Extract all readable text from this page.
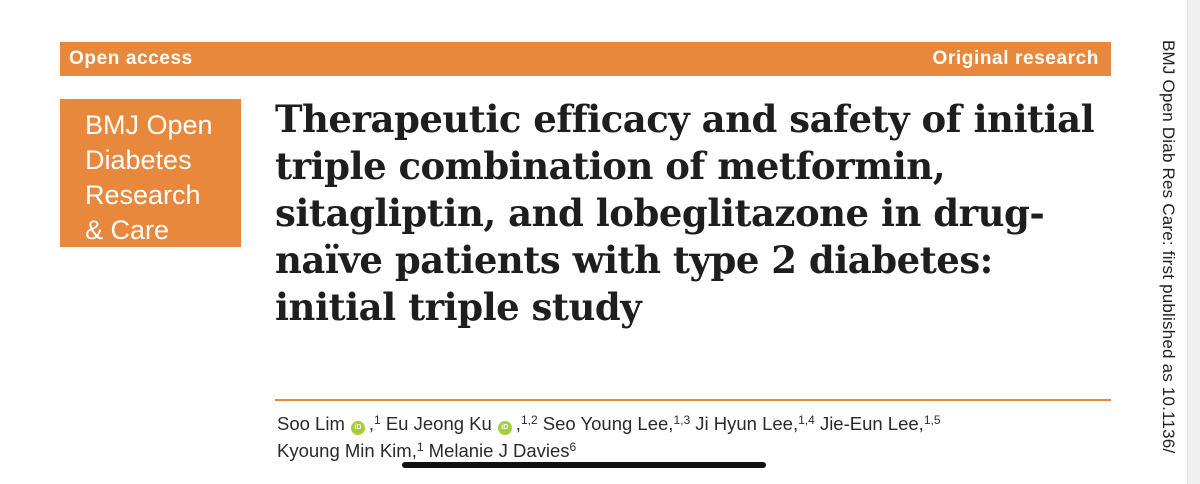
Open access	Original research
BMJ Open
Diabetes
Research
& Care
Therapeutic efficacy and safety of initial
triple combination of metformin,
sitagliptin, and lobeglitazone in drug-
naïve patients with type 2 diabetes:
initial triple study
Soo Lim iD ,$^1$ Eu Jeong Ku iD ,$^{1,2}$ Seo Young Lee,$^{1,3}$ Ji Hyun Lee,$^{1,4}$ Jie-Eun Lee,$^{1,5}$
Kyoung Min Kim,$^1$ Melanie J Davies$^6$	BMJ Open Diab Res Care: first published as 10.1136/
